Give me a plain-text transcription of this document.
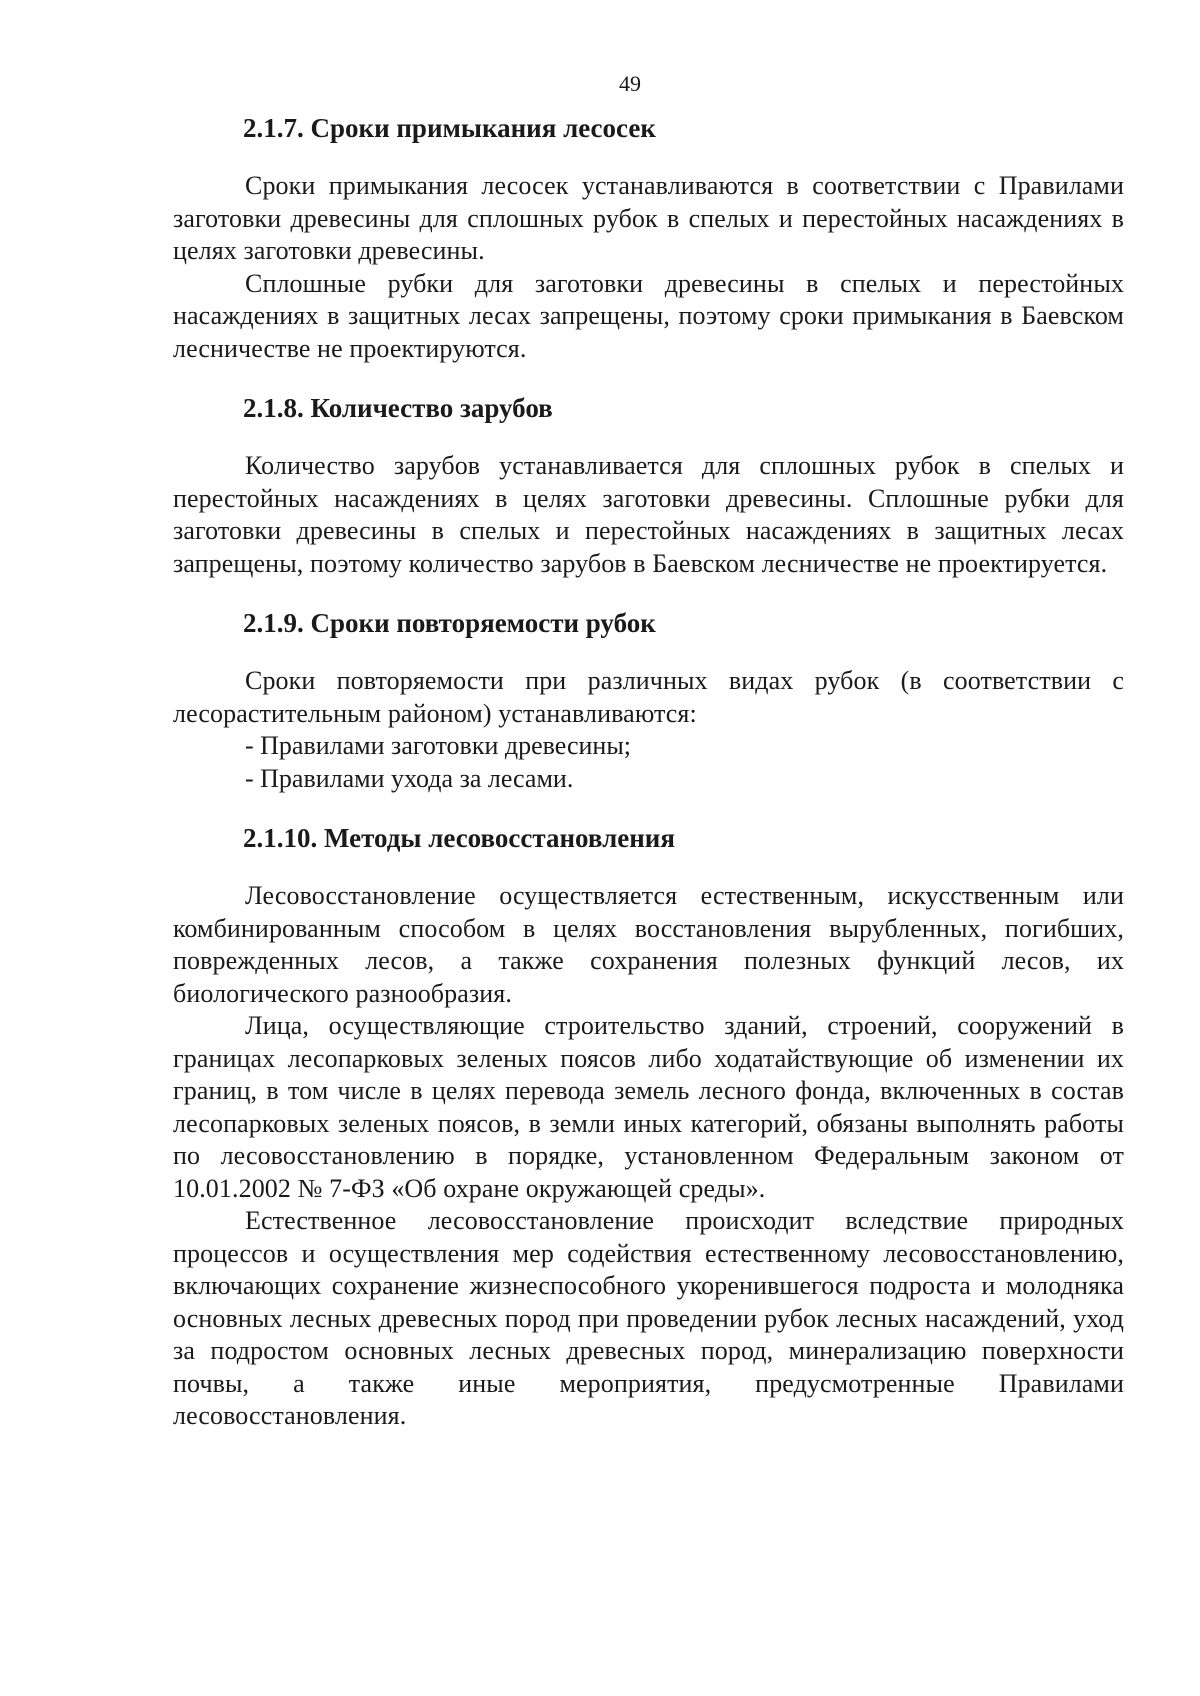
49
2.1.7. Сроки примыкания лесосек

Сроки примыкания лесосек устанавливаются в соответствии с Правилами заготовки древесины для сплошных рубок в спелых и перестойных насаждениях в целях заготовки древесины.

Сплошные рубки для заготовки древесины в спелых и перестойных насаждениях в защитных лесах запрещены, поэтому сроки примыкания в Баевском лесничестве не проектируются.

2.1.8. Количество зарубов

Количество зарубов устанавливается для сплошных рубок в спелых и перестойных насаждениях в целях заготовки древесины. Сплошные рубки для заготовки древесины в спелых и перестойных насаждениях в защитных лесах запрещены, поэтому количество зарубов в Баевском лесничестве не проектируется.

2.1.9. Сроки повторяемости рубок

Сроки повторяемости при различных видах рубок (в соответствии с лесорастительным районом) устанавливаются:

- Правилами заготовки древесины;

- Правилами ухода за лесами.

2.1.10. Методы лесовосстановления

Лесовосстановление осуществляется естественным, искусственным или комбинированным способом в целях восстановления вырубленных, погибших, поврежденных лесов, а также сохранения полезных функций лесов, их биологического разнообразия.

Лица, осуществляющие строительство зданий, строений, сооружений в границах лесопарковых зеленых поясов либо ходатайствующие об изменении их границ, в том числе в целях перевода земель лесного фонда, включенных в состав лесопарковых зеленых поясов, в земли иных категорий, обязаны выполнять работы по лесовосстановлению в порядке, установленном Федеральным законом от 10.01.2002 № 7-ФЗ «Об охране окружающей среды».

Естественное лесовосстановление происходит вследствие природных процессов и осуществления мер содействия естественному лесовосстановлению, включающих сохранение жизнеспособного укоренившегося подроста и молодняка основных лесных древесных пород при проведении рубок лесных насаждений, уход за подростом основных лесных древесных пород, минерализацию поверхности почвы, а также иные мероприятия, предусмотренные Правилами лесовосстановления.
